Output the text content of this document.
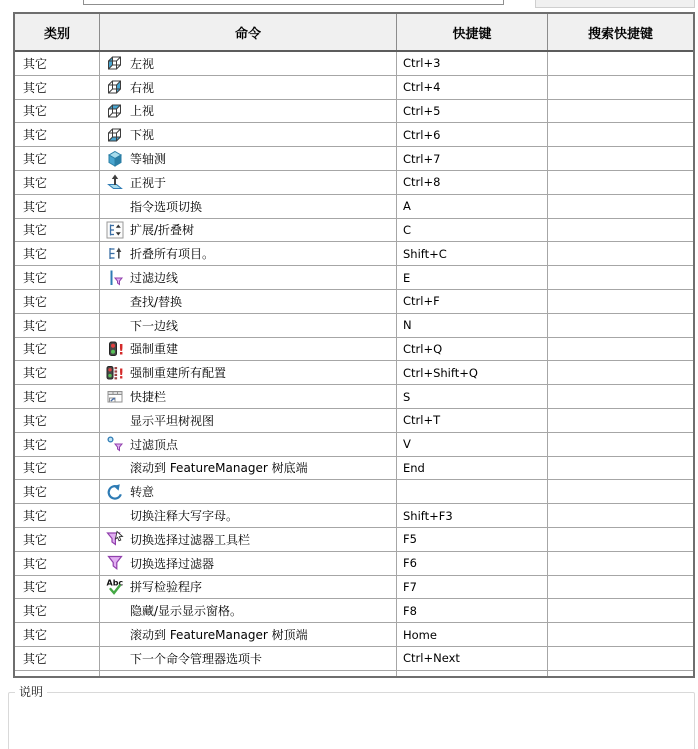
类别	命令	快捷键	搜索快捷键
其它	左视	Ctrl+3
其它	右视	Ctrl+4
其它	上视	Ctrl+5
其它	下视	Ctrl+6
其它	等轴测	Ctrl+7
其它	正视于	Ctrl+8
其它	指令选项切换	A
其它	扩展/折叠树	C
其它	折叠所有项目。	Shift+C
其它	过滤边线	E
其它	查找/替换	Ctrl+F
其它	下一边线	N
其它	! 强制重建	Ctrl+Q
其它	! 强制重建所有配置	Ctrl+Shift+Q
其它	快捷栏	S
其它	显示平坦树视图	Ctrl+T
其它	过滤顶点	V
其它	滚动到 FeatureManager 树底端	End
其它	转意
其它	切换注释大写字母。	Shift+F3
其它	切换选择过滤器工具栏	F5
其它	切换选择过滤器	F6
其它	Abc 拼写检验程序	F7
其它	隐藏/显示显示窗格。	F8
其它	滚动到 FeatureManager 树顶端	Home
其它	下一个命令管理器选项卡	Ctrl+Next
说明
